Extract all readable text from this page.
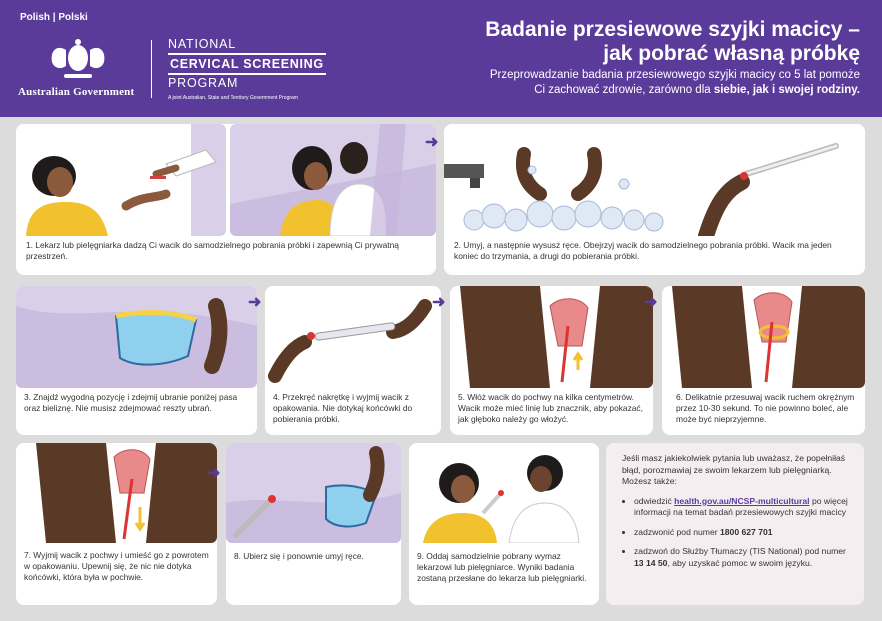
Polish | Polski
Australian Government
NATIONAL
CERVICAL SCREENING
PROGRAM
A joint Australian, State and Territory Government Program
Badanie przesiewowe szyjki macicy –
jak pobrać własną próbkę
Przeprowadzanie badania przesiewowego szyjki macicy co 5 lat pomoże
Ci zachować zdrowie, zarówno dla siebie, jak i swojej rodziny.
1. Lekarz lub pielęgniarka dadzą Ci wacik do samodzielnego pobrania próbki i zapewnią Ci prywatną przestrzeń.
➜
2. Umyj, a następnie wysusz ręce. Obejrzyj wacik do samodzielnego pobrania próbki. Wacik ma jeden koniec do trzymania, a drugi do pobierania próbki.
3. Znajdź wygodną pozycję i zdejmij ubranie poniżej pasa oraz bieliznę. Nie musisz zdejmować reszty ubrań.
➜
4. Przekręć nakrętkę i wyjmij wacik z opakowania. Nie dotykaj końcówki do pobierania próbki.
➜
5. Włóż wacik do pochwy na kilka centymetrów. Wacik może mieć linię lub znacznik, aby pokazać, jak głęboko należy go włożyć.
➜
6. Delikatnie przesuwaj wacik ruchem okrężnym przez 10-30 sekund. To nie powinno boleć, ale może być nieprzyjemne.
7. Wyjmij wacik z pochwy i umieść go z powrotem w opakowaniu. Upewnij się, że nic nie dotyka końcówki, która była w pochwie.
➜
8. Ubierz się i ponownie umyj ręce.	9. Oddaj samodzielnie pobrany wymaz lekarzowi lub pielęgniarce. Wyniki badania zostaną przesłane do lekarza lub pielęgniarki.

Jeśli masz jakiekolwiek pytania lub uważasz, że popełniłaś błąd, porozmawiaj ze swoim lekarzem lub pielęgniarką. Możesz także:

• odwiedzić health.gov.au/NCSP-multicultural po więcej informacji na temat badań przesiewowych szyjki macicy
• zadzwonić pod numer 1800 627 701
• zadzwoń do Służby Tłumaczy (TIS National) pod numer 13 14 50, aby uzyskać pomoc w swoim języku.
